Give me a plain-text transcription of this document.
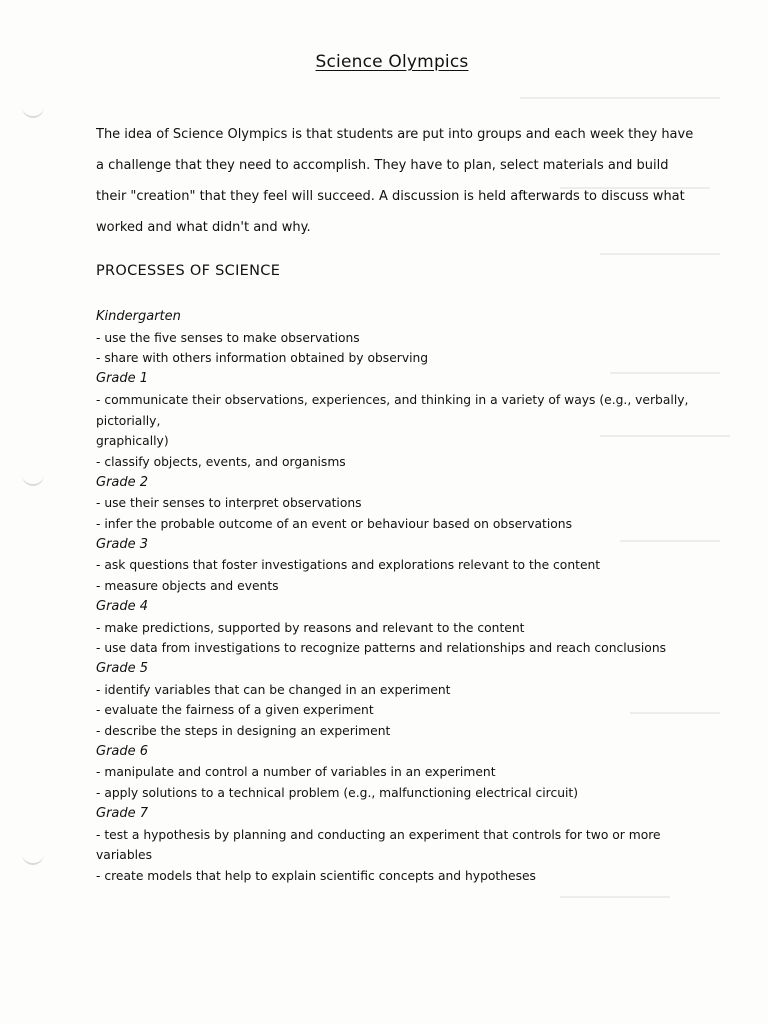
Science Olympics

The idea of Science Olympics is that students are put into groups and each week they have a challenge that they need to accomplish. They have to plan, select materials and build their "creation" that they feel will succeed. A discussion is held afterwards to discuss what worked and what didn't and why.

PROCESSES OF SCIENCE
Kindergarten
- use the five senses to make observations
- share with others information obtained by observing
Grade 1
- communicate their observations, experiences, and thinking in a variety of ways (e.g., verbally,
pictorially,
graphically)
- classify objects, events, and organisms
Grade 2
- use their senses to interpret observations
- infer the probable outcome of an event or behaviour based on observations
Grade 3
- ask questions that foster investigations and explorations relevant to the content
- measure objects and events
Grade 4
- make predictions, supported by reasons and relevant to the content
- use data from investigations to recognize patterns and relationships and reach conclusions
Grade 5
- identify variables that can be changed in an experiment
- evaluate the fairness of a given experiment
- describe the steps in designing an experiment
Grade 6
- manipulate and control a number of variables in an experiment
- apply solutions to a technical problem (e.g., malfunctioning electrical circuit)
Grade 7
- test a hypothesis by planning and conducting an experiment that controls for two or more
variables
- create models that help to explain scientific concepts and hypotheses
